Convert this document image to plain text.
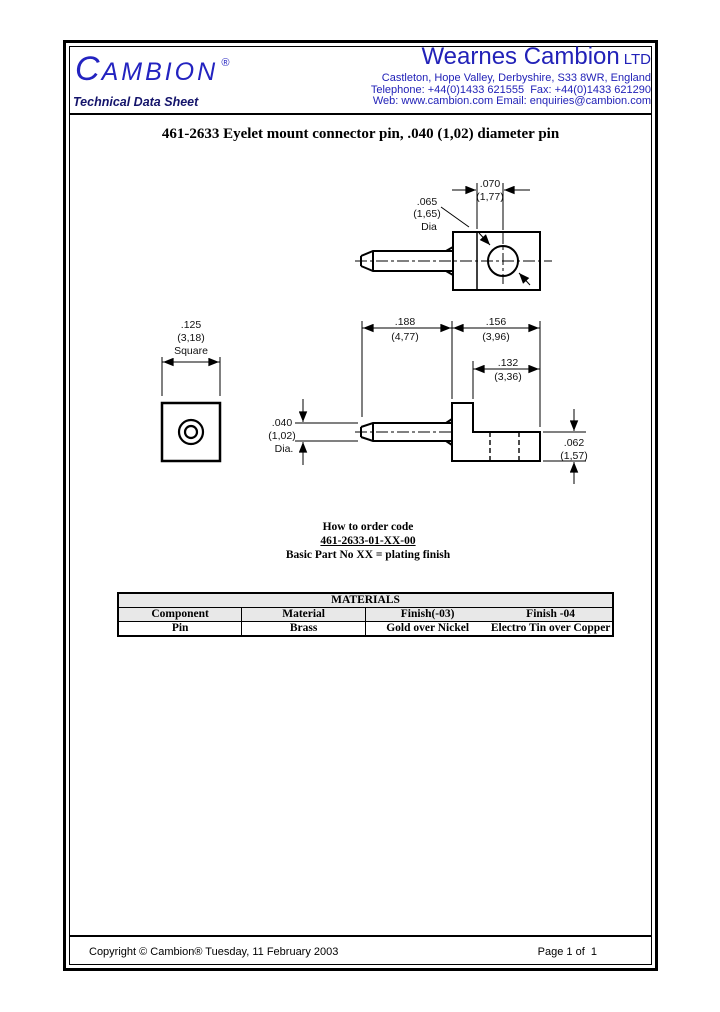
CAMBION ®
Technical Data Sheet
Wearnes Cambion LTD
Castleton, Hope Valley, Derbyshire, S33 8WR, England
Telephone: +44(0)1433 621555  Fax: +44(0)1433 621290
Web: www.cambion.com Email: enquiries@cambion.com
461-2633 Eyelet mount connector pin, .040 (1,02) diameter pin
.070
(1,77)
.065
(1,65)
Dia
.125
(3,18)
Square
.188
(4,77)
.156
(3,96)
.132
(3,36)
.040
(1,02)
Dia.	.062
(1,57)
How to order code
461-2633-01-XX-00
Basic Part No XX = plating finish
MATERIALS			
Component	Material	Finish(-03)	Finish -04
Pin	Brass	Gold over Nickel	Electro Tin over Copper
Copyright © Cambion® Tuesday, 11 February 2003	Page 1 of  1
